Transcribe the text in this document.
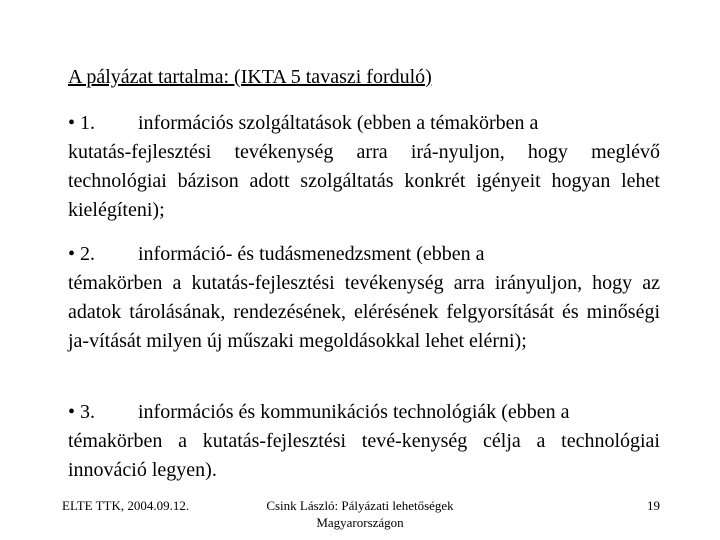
A pályázat tartalma: (IKTA 5 tavaszi forduló)
• 1.	információs szolgáltatások (ebben a témakörben a
kutatás-fejlesztési tevékenység arra irá-nyuljon, hogy meglévő technológiai bázison adott szolgáltatás konkrét igényeit hogyan lehet kielégíteni);
• 2.	információ- és tudásmenedzsment (ebben a
témakörben a kutatás-fejlesztési tevékenység arra irányuljon, hogy az adatok tárolásának, rendezésének, elérésének felgyorsítását és minőségi ja-vítását milyen új műszaki megoldásokkal lehet elérni);
• 3.	információs és kommunikációs technológiák (ebben a
témakörben a kutatás-fejlesztési tevé-kenység célja a technológiai innováció legyen).
ELTE TTK, 2004.09.12.	Csink László: Pályázati lehetőségek Magyarországon
19
